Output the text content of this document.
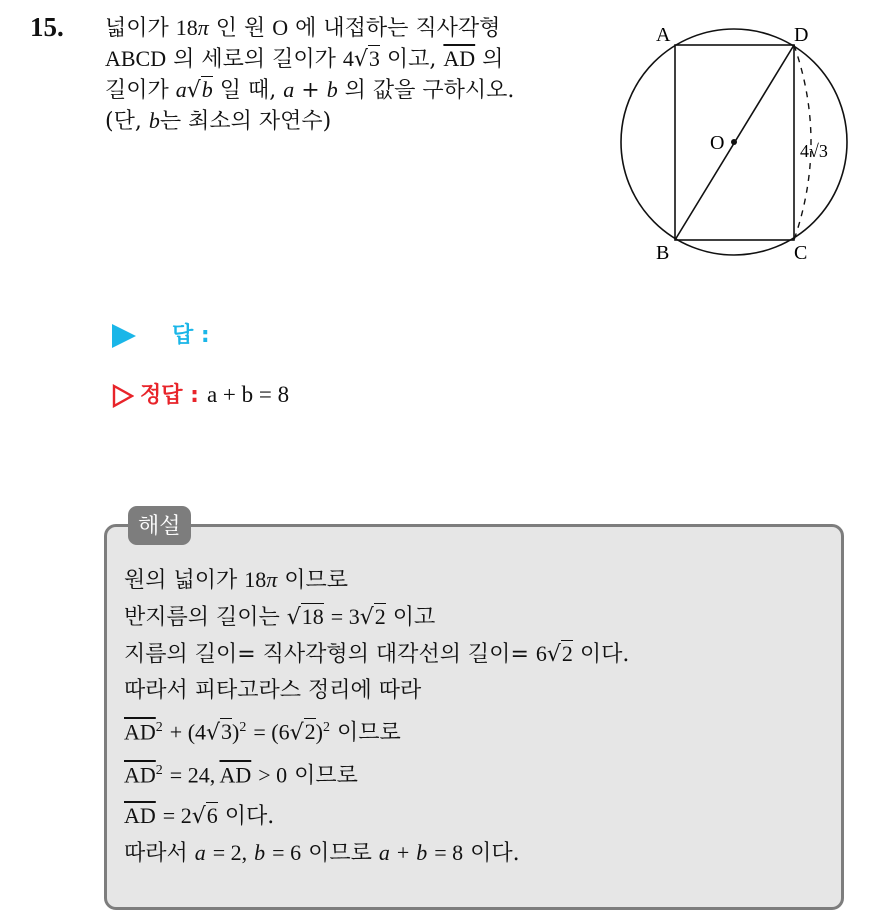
15. 넓이가 18π 인 원 O 에 내접하는 직사각형
ABCD 의 세로의 길이가 4√3 이고, $\overline{AD}$ 의
길이가 a√b 일 때, a + b 의 값을 구하시오.
(단, b는 최소의 자연수)
A	D
B	C
O	4√3
답 :
정답 : a + b = 8
해설
원의 넓이가 18π 이므로
반지름의 길이는 √18 = 3√2 이고
지름의 길이= 직사각형의 대각선의 길이= 6√2 이다.
따라서 피타고라스 정리에 따라
$\overline{AD}^2 + (4√3)^2 = (6√2)^2$ 이므로
$\overline{AD}^2 = 24$, $\overline{AD} > 0$ 이므로
$\overline{AD} = 2√6$ 이다.
따라서 a = 2, b = 6 이므로 a + b = 8 이다.
